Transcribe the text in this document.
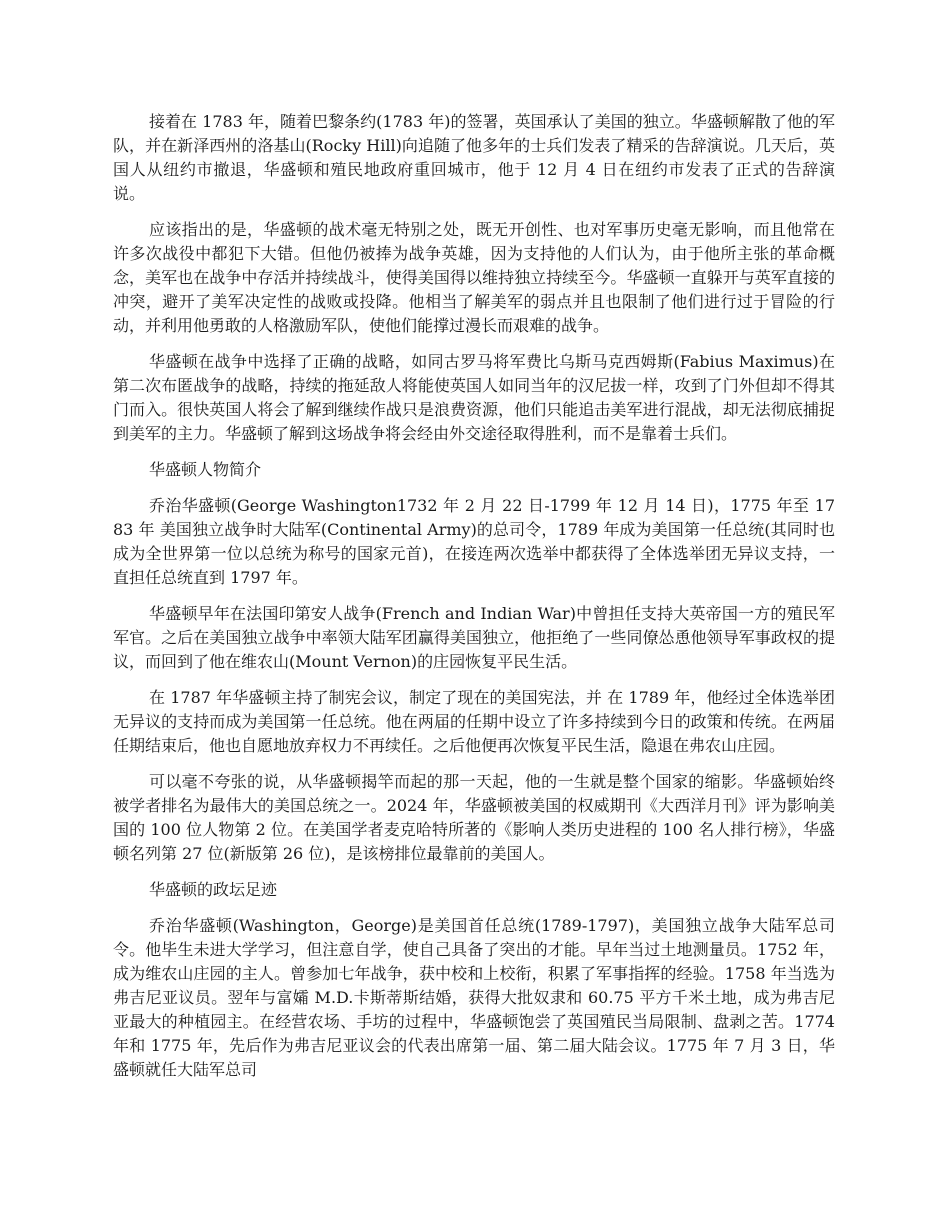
接着在 1783 年，随着巴黎条约(1783 年)的签署，英国承认了美国的独立。华盛顿解散了他的军队，并在新泽西州的洛基山(Rocky Hill)向追随了他多年的士兵们发表了精采的告辞演说。几天后，英国人从纽约市撤退，华盛顿和殖民地政府重回城市，他于 12 月 4 日在纽约市发表了正式的告辞演说。

应该指出的是，华盛顿的战术毫无特别之处，既无开创性、也对军事历史毫无影响，而且他常在许多次战役中都犯下大错。但他仍被捧为战争英雄，因为支持他的人们认为，由于他所主张的革命概念，美军也在战争中存活并持续战斗，使得美国得以维持独立持续至今。华盛顿一直躲开与英军直接的冲突，避开了美军决定性的战败或投降。他相当了解美军的弱点并且也限制了他们进行过于冒险的行动，并利用他勇敢的人格激励军队，使他们能撑过漫长而艰难的战争。

华盛顿在战争中选择了正确的战略，如同古罗马将军费比乌斯马克西姆斯(Fabius Maximus)在第二次布匿战争的战略，持续的拖延敌人将能使英国人如同当年的汉尼拔一样，攻到了门外但却不得其门而入。很快英国人将会了解到继续作战只是浪费资源，他们只能追击美军进行混战，却无法彻底捕捉到美军的主力。华盛顿了解到这场战争将会经由外交途径取得胜利，而不是靠着士兵们。

华盛顿人物简介

乔治华盛顿(George Washington1732 年 2 月 22 日-1799 年 12 月 14 日)，1775 年至 1783 年 美国独立战争时大陆军(Continental Army)的总司令，1789 年成为美国第一任总统(其同时也成为全世界第一位以总统为称号的国家元首)，在接连两次选举中都获得了全体选举团无异议支持，一直担任总统直到 1797 年。

华盛顿早年在法国印第安人战争(French and Indian War)中曾担任支持大英帝国一方的殖民军军官。之后在美国独立战争中率领大陆军团赢得美国独立，他拒绝了一些同僚怂恿他领导军事政权的提议，而回到了他在维农山(Mount Vernon)的庄园恢复平民生活。

在 1787 年华盛顿主持了制宪会议，制定了现在的美国宪法，并 在 1789 年，他经过全体选举团无异议的支持而成为美国第一任总统。他在两届的任期中设立了许多持续到今日的政策和传统。在两届任期结束后，他也自愿地放弃权力不再续任。之后他便再次恢复平民生活，隐退在弗农山庄园。

可以毫不夸张的说，从华盛顿揭竿而起的那一天起，他的一生就是整个国家的缩影。华盛顿始终被学者排名为最伟大的美国总统之一。2024 年，华盛顿被美国的权威期刊《大西洋月刊》评为影响美国的 100 位人物第 2 位。在美国学者麦克哈特所著的《影响人类历史进程的 100 名人排行榜》，华盛顿名列第 27 位(新版第 26 位)，是该榜排位最靠前的美国人。

华盛顿的政坛足迹

乔治华盛顿(Washington，George)是美国首任总统(1789-1797)，美国独立战争大陆军总司令。他毕生未进大学学习，但注意自学，使自己具备了突出的才能。早年当过土地测量员。1752 年，成为维农山庄园的主人。曾参加七年战争，获中校和上校衔，积累了军事指挥的经验。1758 年当选为弗吉尼亚议员。翌年与富孀 M.D.卡斯蒂斯结婚，获得大批奴隶和 60.75 平方千米土地，成为弗吉尼亚最大的种植园主。在经营农场、手坊的过程中，华盛顿饱尝了英国殖民当局限制、盘剥之苦。1774 年和 1775 年，先后作为弗吉尼亚议会的代表出席第一届、第二届大陆会议。1775 年 7 月 3 日，华盛顿就任大陆军总司
